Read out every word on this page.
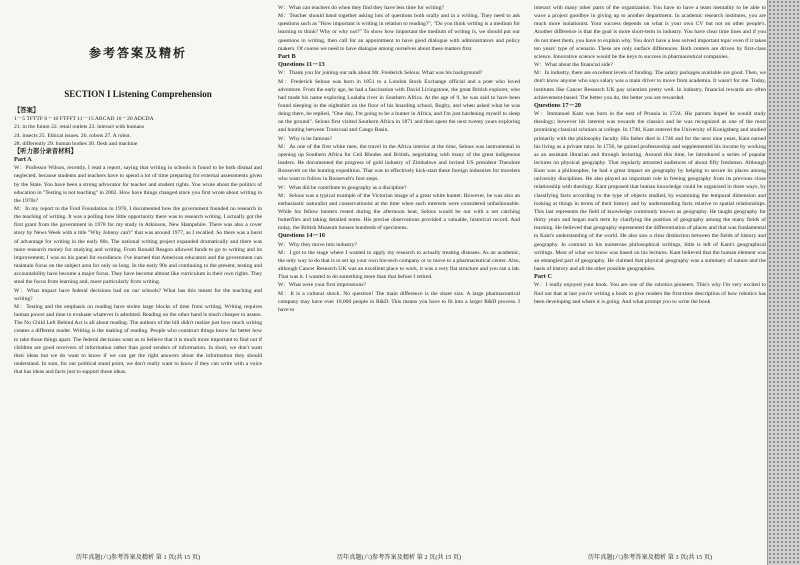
参考答案及精析
SECTION I Listening Comprehension
【答案】
1－5 TFTTF 6－10 FTFFT 11－15 ABCAD 16－20 ADCDA
21. in the future 22. retail outlets 23. interact with humans
24. insects 25. Ethical issues. 26. robots 27. A robot.
28. differently 29. human bodies 30. flesh and machine
【听力部分录音材料】
Part A

W：Professor Wilson, recently, I read a report, saying that writing in schools is found to be both dismal and neglected, because students and teachers have to spend a lot of time preparing for external assessments given by the State. You have been a strong advocator for teacher and student rights. You wrote about the politics of education in "Testing is not teaching" in 2002. How have things changed since you first wrote about writing in the 1970s?

M：In my report to the Ford Foundation in 1976, I documented how the government founded no research in the teaching of writing. It was a polling how little opportunity there was to research writing. I actually got the first grant from the government in 1978 for my study in Atkinson, New Hampshire. There was also a cover story by News Week with a title "Why Johnny can't" that was around 1977, as I recalled. So there was a burst of advantage for writing in the early 80s. The national writing project expanded dramatically and there was more research money for studying and writing. From Ronald Reagon allowed funds to go to writing and its improvement, I was on his panel for excellence. I've learned that American educators and the government can maintain focus on the subject area for only so long. In the early 90s and continuing to the present, testing and accountability have become a major focus. They have become almost like curriculum in their own rights. They steal the focus from learning and, more particularly from writing.

W：What impact have federal decisions had on our schools? What has this meant for the teaching and writing?

M：Testing and the emphasis on reading have stolen large blocks of time from writing. Writing requires human power and time to evaluate whatever is admitted. Reading on the other hand is much cheaper to assess. The No Child Left Behind Act is all about reading. The authors of the bill didn't realize just how much writing creates a different reader. Writing is the making of reading. People who construct things know far better how to take those things apart. The federal decisions want us to believe that it is much more important to find out if children are good receivers of information rather than good senders of information. In short, we don't want their ideas but we do want to know if we can get the right answers about the information they should understand. In sum, for our political stand point, we don't really want to know if they can write with a voice that has ideas and facts just to support those ideas.

历年真题(六)参考答案及精析 第 1 页(共 15 页)

W：What can teachers do when they find they have less time for writing?

M：Teacher should band together asking lots of questions both orally and in a writing. They need to ask questions such as "How important is writing in relation to reading?", "Do you think writing is a medium for learning to think? Why or why not?" To show how important the medium of writing is, we should put our questions in writing, then call for an appointment to have good dialogue with administrators and policy makers. Of course we need to have dialogue among ourselves about these matters first.

Part B
Questions 11－13

W：Thank you for joining our talk about Mr. Frederick Selous. What was his background?

M：Frederick Selous was born in 1851 to a London Stock Exchange official and a poet who loved adventure. From the early age, he had a fascination with David Livingstone, the great British explorer, who had made his name exploring Lualaba river in Southern Africa. At the age of 9, he was said to have been found sleeping in the nightshirt on the floor of his boarding school, Rugby, and when asked what he was doing there, he replied, "One day, I'm going to be a hunter in Africa, and I'm just hardening myself to sleep on the ground". Selous first visited Southern Africa in 1871 and then spent the next twenty years exploring and hunting between Transvaal and Cango Basin.

W：Why is he famous?

M：As one of the first white men, the travel in the Africa interior at the time, Selous was instrumental in opening up Southern Africa for Ceil Rhodes and British, negotiating with many of the great indigenous leaders. He documented the progress of gold industry of Zimbabwe and invited US president Theodore Roosevelt on the hunting expedition. That was to effectively kick-start these foreign industries for travelers who want to follow in Roosevelt's foot steps.

W：What did he contribute to geography as a discipline?

M：Selous was a typical example of the Victorian image of a great white hunter. However, he was also an enthusiastic naturalist and conservationist at the time when such interests were considered unfashionable. While his fellow hunters rested during the afternoon heat, Selous would be out with a net catching butterflies and taking detailed notes. His precise observations provided a valuable, historical record. And today, the British Museum houses hundreds of specimens.

Questions 14－16

W：Why they move into industry?

M：I got to the stage where I wanted to apply my research to actually treating diseases. As an academic, the only way to do that is to set up your own bio-tech company or to move to a pharmaceutical center. Also, although Cancer Research UK was an excellent place to work, it was a very flat structure and you ran a lab. That was it. I wanted to do something more than that before I retired.

W：What were your first impressions?

M：It is a cultural shock. No question! The main difference is the share size. A large pharmaceutical company may have over 10,000 people in R&D. This means you have to fit into a larger R&D process. I have to

历年真题(六)参考答案及精析 第 2 页(共 15 页)

interact with many other parts of the organization. You have to have a team mentality to be able to wave a project goodbye in giving up to another department. In academic research institutes, you are much more isolationist. Your success depends on what is your own CV but not on other people's. Another difference is that the goal is more short-term in industry. You have clear time lines and if you do not meet them, you have to explain why. You don't have a less solved important topic even if it takes ten years' type of scenario. These are only surface differences. Both centers are driven by first-class science. Innovative science would be the keys to success in pharmaceutical companies.

W：What about the financial side?

M：In industry, there are excellent levels of funding. The salary packages available are good. Then, we don't know anyone who says salary was a main driver to move from academia. It wasn't for me. Today, institutes like Cancer Research UK pay scientists pretty well. In industry, financial rewards are often achievement-based. The better you do, the better you are rewarded.

Questions 17－20

W：Immanuel Kant was born in the east of Prussia in 1724. His parents hoped he would study theology; however his interest was towards the classics and he was recognized as one of the most promising classical scholars at college. In 1740, Kant entered the University of Konigsberg and studied primarily with the philosophy faculty. His father died in 1746 and for the next nine years, Kant earned his living as a private tutor. In 1756, he gained professorship and supplemented his income by working as an assistant librarian and through lecturing. Around this time, he introduced a series of popular lectures on physical geography. That regularly attracted audiences of about fifty freshmen. Although Kant was a philosopher, he had a great impact on geography by helping to secure its places among university disciplines. He also played an important role in freeing geography from its previous close relationship with theology. Kant proposed that human knowledge could be organized in three ways, by classifying facts according to the type of objects studied, by examining the temporal dimension and looking at things in terms of their history and by understanding facts relative to spatial relationships. This last represents the field of knowledge commonly known as geography. He taught geography for thirty years and began each term by clarifying the position of geography among the many fields of learning. He believed that geography represented the differentiation of places and that was fundamental to Kant's understanding of the world. He also saw a clear distinction between the fields of history and geography. In contrast to his numerous philosophical writings, little is left of Kant's geographical writings. Most of what we know was based on his lectures. Kant believed that the human element was an entangled part of geography. He claimed that physical geography was a summary of nature and the basis of history and all the other possible geographies.

Part C

W：I really enjoyed your book. You are one of the robotics pioneers. This's why I'm very excited to find out that at last you're writing a book to give readers the first-time description of how robotics has been developing and where it is going. And what prompt you to write the book

历年真题(六)参考答案及精析 第 3 页(共 15 页)
